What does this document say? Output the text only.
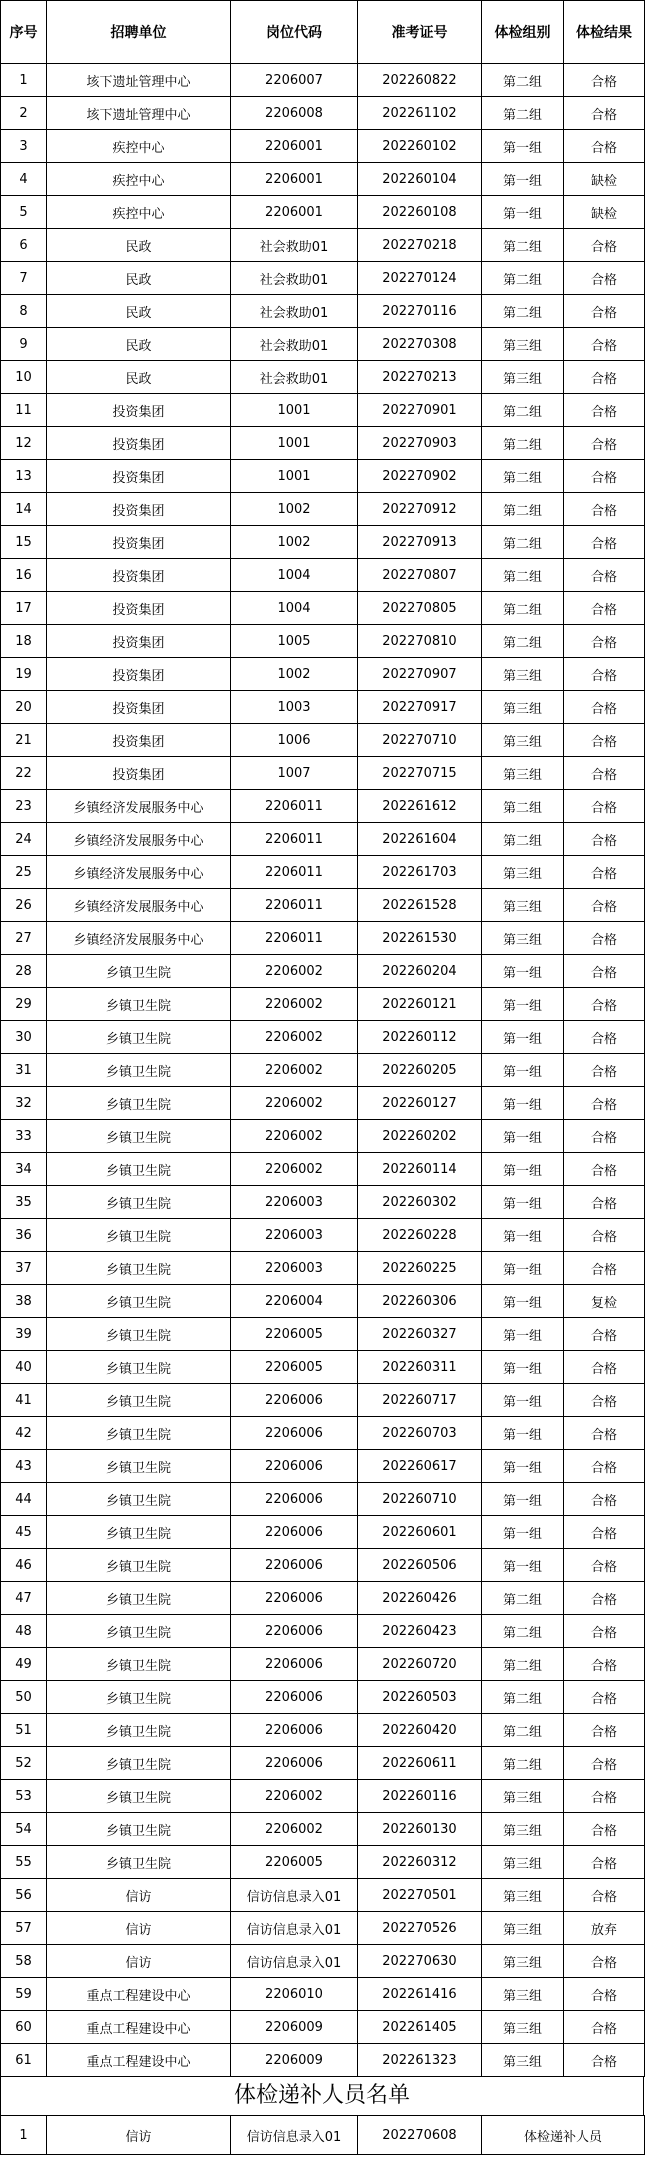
序号	招聘单位	岗位代码	准考证号	体检组别	体检结果
1	垓下遗址管理中心	2206007	202260822	第二组	合格
2	垓下遗址管理中心	2206008	202261102	第二组	合格
3	疾控中心	2206001	202260102	第一组	合格
4	疾控中心	2206001	202260104	第一组	缺检
5	疾控中心	2206001	202260108	第一组	缺检
6	民政	社会救助01	202270218	第二组	合格
7	民政	社会救助01	202270124	第二组	合格
8	民政	社会救助01	202270116	第二组	合格
9	民政	社会救助01	202270308	第三组	合格
10	民政	社会救助01	202270213	第三组	合格
11	投资集团	1001	202270901	第二组	合格
12	投资集团	1001	202270903	第二组	合格
13	投资集团	1001	202270902	第二组	合格
14	投资集团	1002	202270912	第二组	合格
15	投资集团	1002	202270913	第二组	合格
16	投资集团	1004	202270807	第二组	合格
17	投资集团	1004	202270805	第二组	合格
18	投资集团	1005	202270810	第二组	合格
19	投资集团	1002	202270907	第三组	合格
20	投资集团	1003	202270917	第三组	合格
21	投资集团	1006	202270710	第三组	合格
22	投资集团	1007	202270715	第三组	合格
23	乡镇经济发展服务中心	2206011	202261612	第二组	合格
24	乡镇经济发展服务中心	2206011	202261604	第二组	合格
25	乡镇经济发展服务中心	2206011	202261703	第三组	合格
26	乡镇经济发展服务中心	2206011	202261528	第三组	合格
27	乡镇经济发展服务中心	2206011	202261530	第三组	合格
28	乡镇卫生院	2206002	202260204	第一组	合格
29	乡镇卫生院	2206002	202260121	第一组	合格
30	乡镇卫生院	2206002	202260112	第一组	合格
31	乡镇卫生院	2206002	202260205	第一组	合格
32	乡镇卫生院	2206002	202260127	第一组	合格
33	乡镇卫生院	2206002	202260202	第一组	合格
34	乡镇卫生院	2206002	202260114	第一组	合格
35	乡镇卫生院	2206003	202260302	第一组	合格
36	乡镇卫生院	2206003	202260228	第一组	合格
37	乡镇卫生院	2206003	202260225	第一组	合格
38	乡镇卫生院	2206004	202260306	第一组	复检
39	乡镇卫生院	2206005	202260327	第一组	合格
40	乡镇卫生院	2206005	202260311	第一组	合格
41	乡镇卫生院	2206006	202260717	第一组	合格
42	乡镇卫生院	2206006	202260703	第一组	合格
43	乡镇卫生院	2206006	202260617	第一组	合格
44	乡镇卫生院	2206006	202260710	第一组	合格
45	乡镇卫生院	2206006	202260601	第一组	合格
46	乡镇卫生院	2206006	202260506	第一组	合格
47	乡镇卫生院	2206006	202260426	第二组	合格
48	乡镇卫生院	2206006	202260423	第二组	合格
49	乡镇卫生院	2206006	202260720	第二组	合格
50	乡镇卫生院	2206006	202260503	第二组	合格
51	乡镇卫生院	2206006	202260420	第二组	合格
52	乡镇卫生院	2206006	202260611	第二组	合格
53	乡镇卫生院	2206002	202260116	第三组	合格
54	乡镇卫生院	2206002	202260130	第三组	合格
55	乡镇卫生院	2206005	202260312	第三组	合格
56	信访	信访信息录入01	202270501	第三组	合格
57	信访	信访信息录入01	202270526	第三组	放弃
58	信访	信访信息录入01	202270630	第三组	合格
59	重点工程建设中心	2206010	202261416	第三组	合格
60	重点工程建设中心	2206009	202261405	第三组	合格
61	重点工程建设中心	2206009	202261323	第三组	合格
体检递补人员名单
1	信访	信访信息录入01	202270608	体检递补人员
